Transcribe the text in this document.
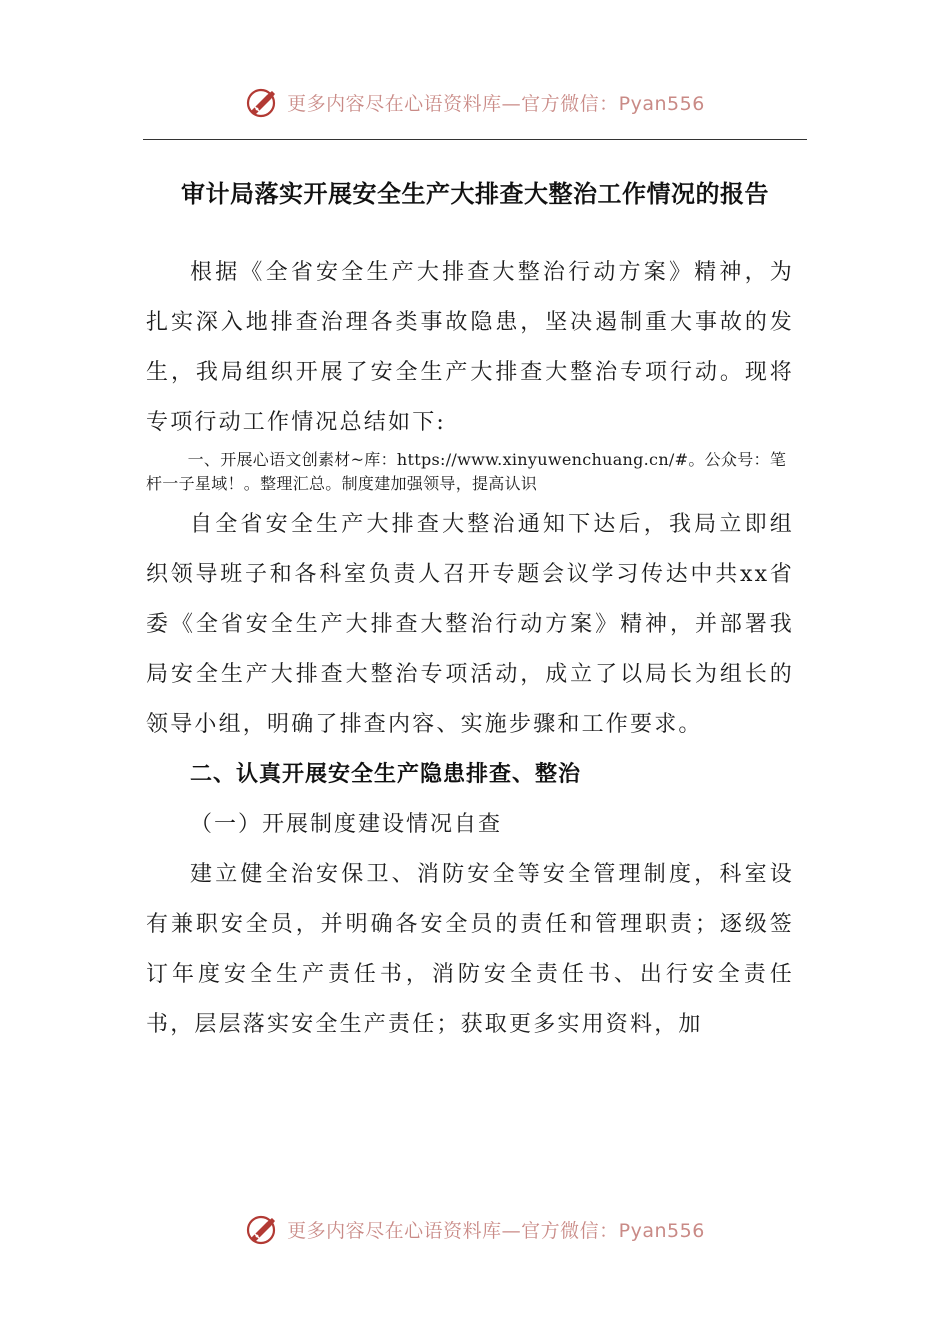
更多内容尽在心语资料库—官方微信：Pyan556
审计局落实开展安全生产大排查大整治工作情况的报告

根据《全省安全生产大排查大整治行动方案》精神，为扎实深入地排查治理各类事故隐患，坚决遏制重大事故的发生，我局组织开展了安全生产大排查大整治专项行动。现将专项行动工作情况总结如下:

一、开展心语文创素材~库：https://www.xinyuwenchuang.cn/#。公众号：笔杆一子星域！。整理汇总。制度建加强领导，提高认识

自全省安全生产大排查大整治通知下达后，我局立即组织领导班子和各科室负责人召开专题会议学习传达中共xx省委《全省安全生产大排查大整治行动方案》精神，并部署我局安全生产大排查大整治专项活动，成立了以局长为组长的领导小组，明确了排查内容、实施步骤和工作要求。

二、认真开展安全生产隐患排查、整治

（一）开展制度建设情况自查

建立健全治安保卫、消防安全等安全管理制度，科室设有兼职安全员，并明确各安全员的责任和管理职责；逐级签订年度安全生产责任书，消防安全责任书、出行安全责任书，层层落实安全生产责任；获取更多实用资料，加

更多内容尽在心语资料库—官方微信：Pyan556
